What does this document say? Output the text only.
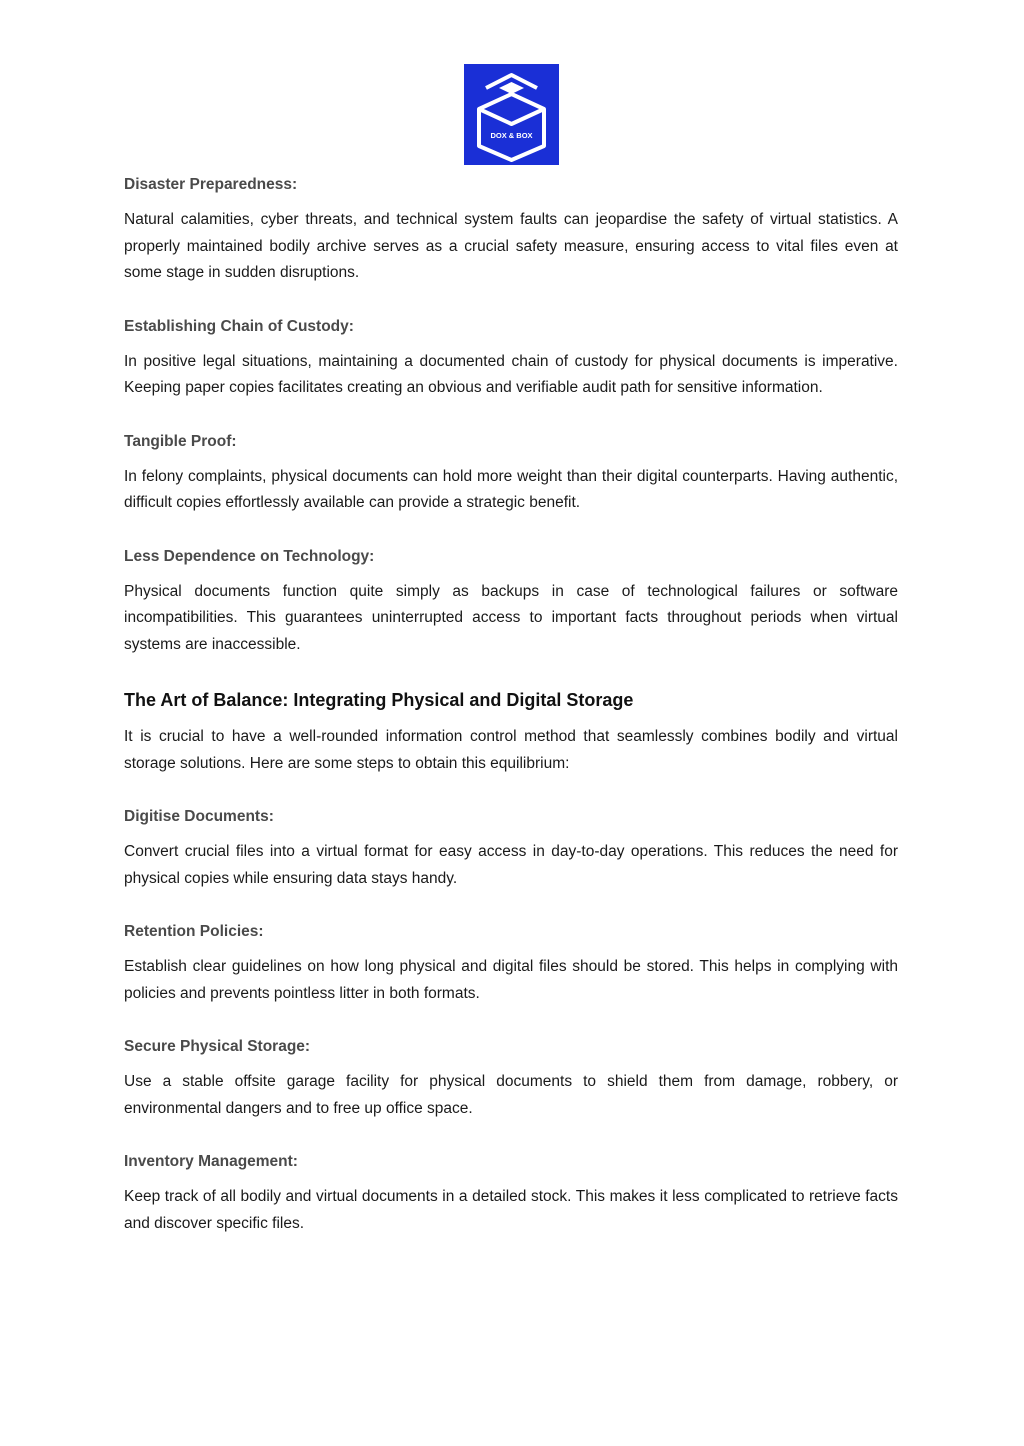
DOX & BOX
Disaster Preparedness:
Natural calamities, cyber threats, and technical system faults can jeopardise the safety of virtual statistics. A properly maintained bodily archive serves as a crucial safety measure, ensuring access to vital files even at some stage in sudden disruptions.
Establishing Chain of Custody:
In positive legal situations, maintaining a documented chain of custody for physical documents is imperative. Keeping paper copies facilitates creating an obvious and verifiable audit path for sensitive information.
Tangible Proof:
In felony complaints, physical documents can hold more weight than their digital counterparts. Having authentic, difficult copies effortlessly available can provide a strategic benefit.
Less Dependence on Technology:
Physical documents function quite simply as backups in case of technological failures or software incompatibilities. This guarantees uninterrupted access to important facts throughout periods when virtual systems are inaccessible.
The Art of Balance: Integrating Physical and Digital Storage
It is crucial to have a well-rounded information control method that seamlessly combines bodily and virtual storage solutions. Here are some steps to obtain this equilibrium:
Digitise Documents:
Convert crucial files into a virtual format for easy access in day-to-day operations. This reduces the need for physical copies while ensuring data stays handy.
Retention Policies:
Establish clear guidelines on how long physical and digital files should be stored. This helps in complying with policies and prevents pointless litter in both formats.
Secure Physical Storage:
Use a stable offsite garage facility for physical documents to shield them from damage, robbery, or environmental dangers and to free up office space.
Inventory Management:
Keep track of all bodily and virtual documents in a detailed stock. This makes it less complicated to retrieve facts and discover specific files.
